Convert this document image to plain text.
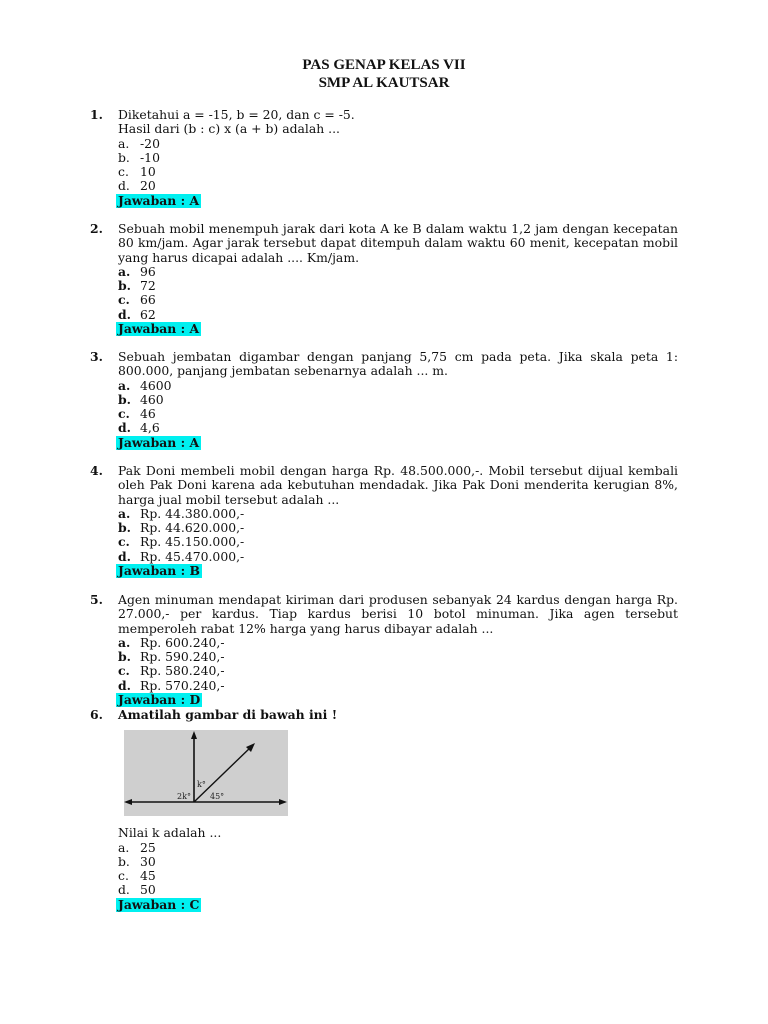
PAS GENAP KELAS VII
SMP AL KAUTSAR
1. Diketahui a = -15, b = 20, dan c = -5.
Hasil dari (b : c) x (a + b) adalah ...
a. -20
b. -10
c. 10
d. 20
Jawaban : A
2. Sebuah mobil menempuh jarak dari kota A ke B dalam waktu 1,2 jam dengan kecepatan 80 km/jam. Agar jarak tersebut dapat ditempuh dalam waktu 60 menit, kecepatan mobil yang harus dicapai adalah .... Km/jam.
a. 96
b. 72
c. 66
d. 62
Jawaban : A
3. Sebuah jembatan digambar dengan panjang 5,75 cm pada peta. Jika skala peta 1: 800.000, panjang jembatan sebenarnya adalah ... m.
a. 4600
b. 460
c. 46
d. 4,6
Jawaban : A
4. Pak Doni membeli mobil dengan harga Rp. 48.500.000,-. Mobil tersebut dijual kembali oleh Pak Doni karena ada kebutuhan mendadak. Jika Pak Doni menderita kerugian 8%, harga jual mobil tersebut adalah ...
a. Rp. 44.380.000,-
b. Rp. 44.620.000,-
c. Rp. 45.150.000,-
d. Rp. 45.470.000,-
Jawaban : B
5. Agen minuman mendapat kiriman dari produsen sebanyak 24 kardus dengan harga Rp. 27.000,- per kardus. Tiap kardus berisi 10 botol minuman. Jika agen tersebut memperoleh rabat 12% harga yang harus dibayar adalah ...
a. Rp. 600.240,-
b. Rp. 590.240,-
c. Rp. 580.240,-
d. Rp. 570.240,-
Jawaban : D
6. Amatilah gambar di bawah ini !
k°
2k° 45°
Nilai k adalah ...
a. 25
b. 30
c. 45
d. 50
Jawaban : C
